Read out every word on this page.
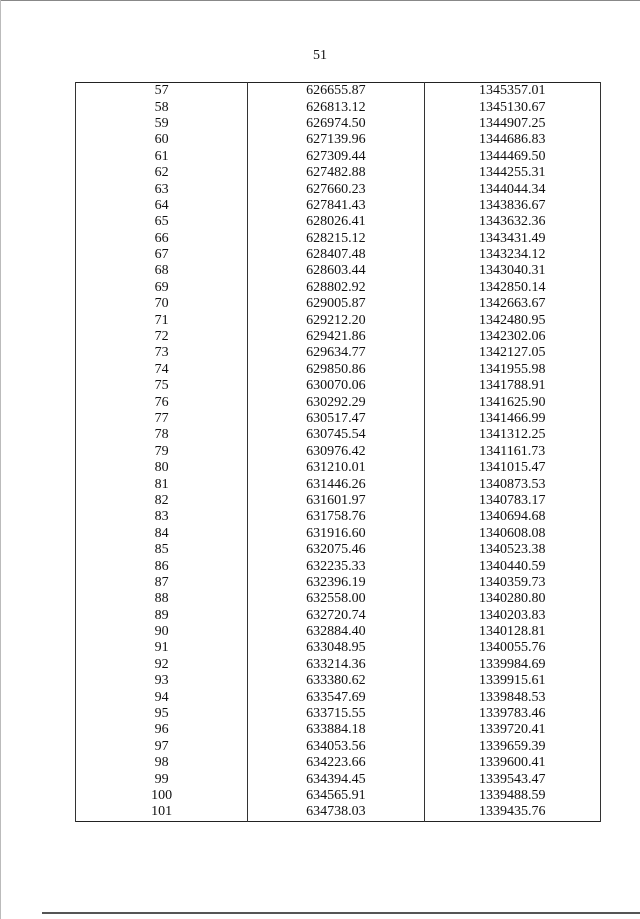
51
57	626655.87	1345357.01
58	626813.12	1345130.67
59	626974.50	1344907.25
60	627139.96	1344686.83
61	627309.44	1344469.50
62	627482.88	1344255.31
63	627660.23	1344044.34
64	627841.43	1343836.67
65	628026.41	1343632.36
66	628215.12	1343431.49
67	628407.48	1343234.12
68	628603.44	1343040.31
69	628802.92	1342850.14
70	629005.87	1342663.67
71	629212.20	1342480.95
72	629421.86	1342302.06
73	629634.77	1342127.05
74	629850.86	1341955.98
75	630070.06	1341788.91
76	630292.29	1341625.90
77	630517.47	1341466.99
78	630745.54	1341312.25
79	630976.42	1341161.73
80	631210.01	1341015.47
81	631446.26	1340873.53
82	631601.97	1340783.17
83	631758.76	1340694.68
84	631916.60	1340608.08
85	632075.46	1340523.38
86	632235.33	1340440.59
87	632396.19	1340359.73
88	632558.00	1340280.80
89	632720.74	1340203.83
90	632884.40	1340128.81
91	633048.95	1340055.76
92	633214.36	1339984.69
93	633380.62	1339915.61
94	633547.69	1339848.53
95	633715.55	1339783.46
96	633884.18	1339720.41
97	634053.56	1339659.39
98	634223.66	1339600.41
99	634394.45	1339543.47
100	634565.91	1339488.59
101	634738.03	1339435.76
